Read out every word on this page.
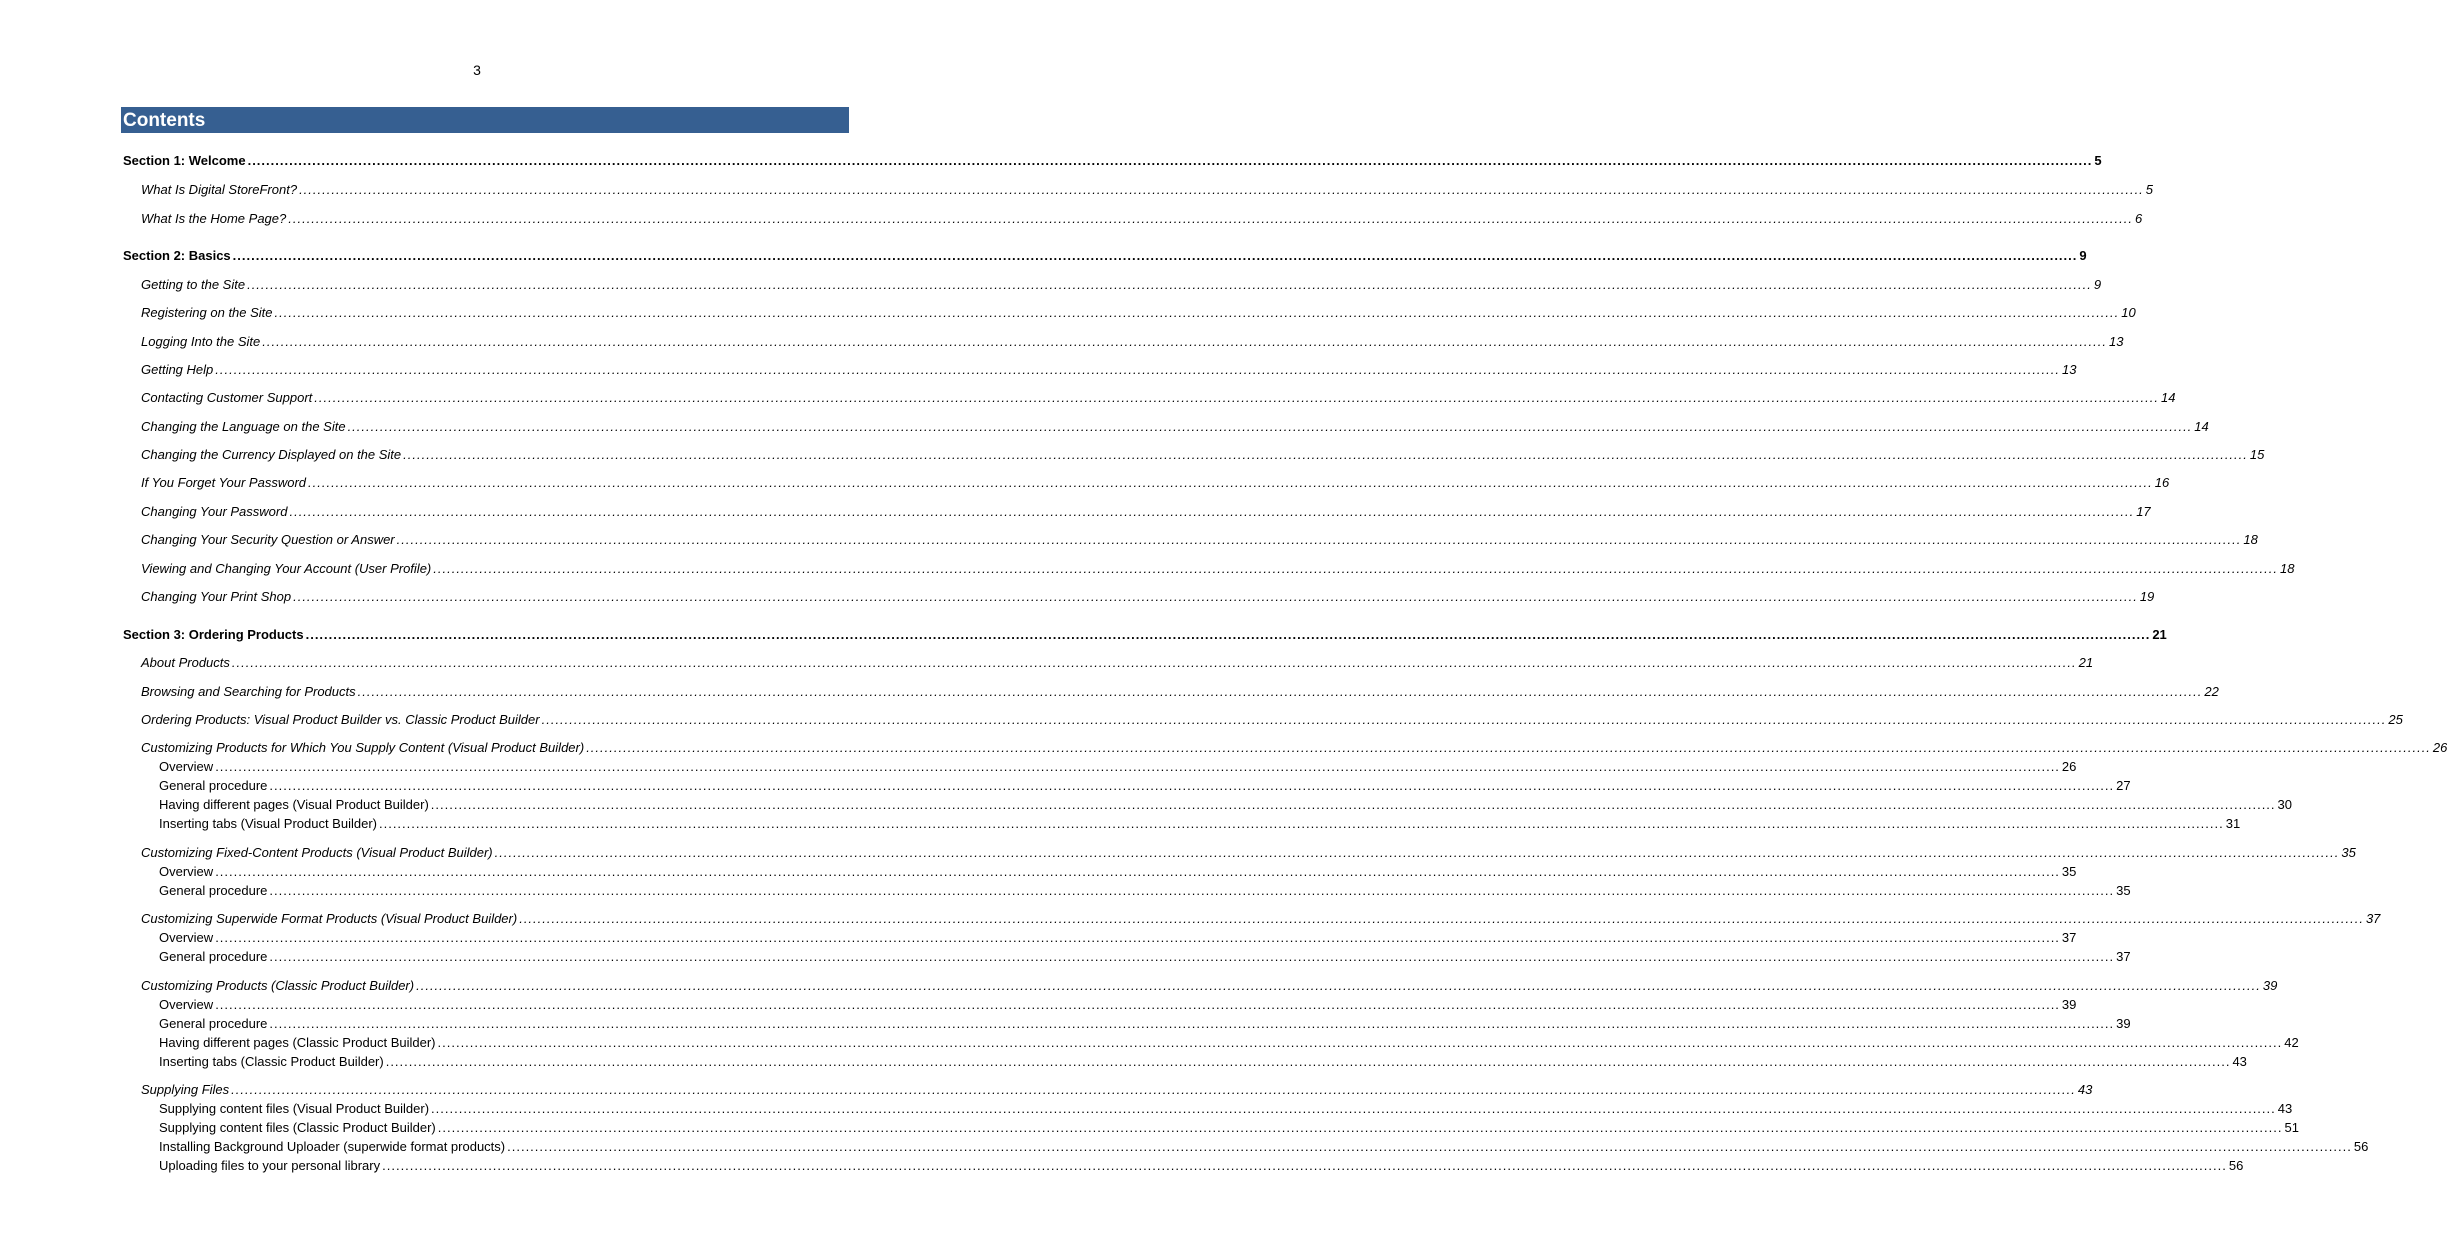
3
Contents
Section 1: Welcome ................................................................................................................................................................................................................................................................................................................................................................................................................ 5
What Is Digital StoreFront? ................................................................................................................................................................................................................................................................................................................................................................................................................ 5
What Is the Home Page? ................................................................................................................................................................................................................................................................................................................................................................................................................ 6
Section 2: Basics ................................................................................................................................................................................................................................................................................................................................................................................................................ 9
Getting to the Site ................................................................................................................................................................................................................................................................................................................................................................................................................ 9
Registering on the Site ................................................................................................................................................................................................................................................................................................................................................................................................................ 10
Logging Into the Site ................................................................................................................................................................................................................................................................................................................................................................................................................ 13
Getting Help ................................................................................................................................................................................................................................................................................................................................................................................................................ 13
Contacting Customer Support ................................................................................................................................................................................................................................................................................................................................................................................................................ 14
Changing the Language on the Site ................................................................................................................................................................................................................................................................................................................................................................................................................ 14
Changing the Currency Displayed on the Site ................................................................................................................................................................................................................................................................................................................................................................................................................ 15
If You Forget Your Password ................................................................................................................................................................................................................................................................................................................................................................................................................ 16
Changing Your Password ................................................................................................................................................................................................................................................................................................................................................................................................................ 17
Changing Your Security Question or Answer ................................................................................................................................................................................................................................................................................................................................................................................................................ 18
Viewing and Changing Your Account (User Profile) ................................................................................................................................................................................................................................................................................................................................................................................................................ 18
Changing Your Print Shop ................................................................................................................................................................................................................................................................................................................................................................................................................ 19
Section 3: Ordering Products ................................................................................................................................................................................................................................................................................................................................................................................................................ 21
About Products ................................................................................................................................................................................................................................................................................................................................................................................................................ 21
Browsing and Searching for Products ................................................................................................................................................................................................................................................................................................................................................................................................................ 22
Ordering Products: Visual Product Builder vs. Classic Product Builder ................................................................................................................................................................................................................................................................................................................................................................................................................ 25
Customizing Products for Which You Supply Content (Visual Product Builder) ................................................................................................................................................................................................................................................................................................................................................................................................................ 26
Overview ................................................................................................................................................................................................................................................................................................................................................................................................................ 26
General procedure ................................................................................................................................................................................................................................................................................................................................................................................................................ 27
Having different pages (Visual Product Builder) ................................................................................................................................................................................................................................................................................................................................................................................................................ 30
Inserting tabs (Visual Product Builder) ................................................................................................................................................................................................................................................................................................................................................................................................................ 31
Customizing Fixed-Content Products (Visual Product Builder) ................................................................................................................................................................................................................................................................................................................................................................................................................ 35
Overview ................................................................................................................................................................................................................................................................................................................................................................................................................ 35
General procedure ................................................................................................................................................................................................................................................................................................................................................................................................................ 35
Customizing Superwide Format Products (Visual Product Builder) ................................................................................................................................................................................................................................................................................................................................................................................................................ 37
Overview ................................................................................................................................................................................................................................................................................................................................................................................................................ 37
General procedure ................................................................................................................................................................................................................................................................................................................................................................................................................ 37
Customizing Products (Classic Product Builder) ................................................................................................................................................................................................................................................................................................................................................................................................................ 39
Overview ................................................................................................................................................................................................................................................................................................................................................................................................................ 39
General procedure ................................................................................................................................................................................................................................................................................................................................................................................................................ 39
Having different pages (Classic Product Builder) ................................................................................................................................................................................................................................................................................................................................................................................................................ 42
Inserting tabs (Classic Product Builder) ................................................................................................................................................................................................................................................................................................................................................................................................................ 43
Supplying Files ................................................................................................................................................................................................................................................................................................................................................................................................................ 43
Supplying content files (Visual Product Builder) ................................................................................................................................................................................................................................................................................................................................................................................................................ 43
Supplying content files (Classic Product Builder) ................................................................................................................................................................................................................................................................................................................................................................................................................ 51
Installing Background Uploader (superwide format products) ................................................................................................................................................................................................................................................................................................................................................................................................................ 56
Uploading files to your personal library ................................................................................................................................................................................................................................................................................................................................................................................................................ 56
